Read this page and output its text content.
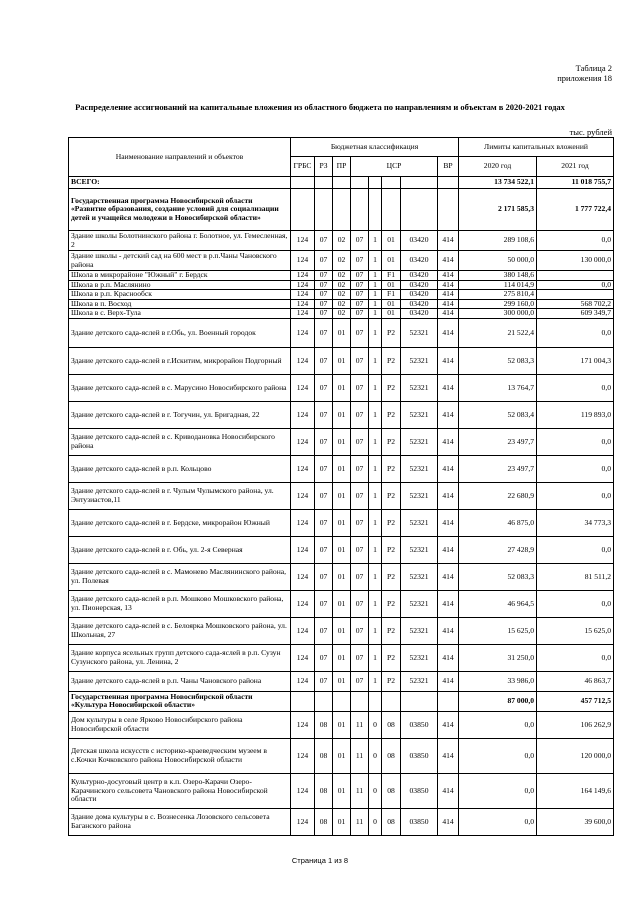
Таблица 2
приложения 18
Распределение ассигнований на капитальные вложения из областного бюджета по направлениям и объектам в 2020-2021 годах
тыс. рублей
Наименование направлений и объектов	Бюджетная классификация								Лимиты капитальных вложений	
	ГРБС	РЗ	ПР	ЦСР				ВР	2020 год	2021 год
ВСЕГО:									13 734 522,1	11 018 755,7
Государственная программа Новосибирской области «Развитие образования, создание условий для социализации детей и учащейся молодежи в Новосибирской области»									2 171 585,3	1 777 722,4
Здание школы Болотнинского района г. Болотное, ул. Гемесленная, 2	124	07	02	07	1	01	03420	414	289 108,6	0,0
Здание школы - детский сад на 600 мест в р.п.Чаны Чановского района	124	07	02	07	1	01	03420	414	50 000,0	130 000,0
Школа в микрорайоне "Южный" г. Бердск	124	07	02	07	1	F1	03420	414	380 148,6	
Школа в р.п. Маслянино	124	07	02	07	1	01	03420	414	114 014,9	0,0
Школа в р.п. Краснообск	124	07	02	07	1	F1	03420	414	275 810,4	
Школа в п. Восход	124	07	02	07	1	01	03420	414	299 160,0	568 702,2
Школа в с. Верх-Тула	124	07	02	07	1	01	03420	414	300 000,0	609 349,7
Здание детского сада-яслей в г.Обь, ул. Военный городок	124	07	01	07	1	P2	52321	414	21 522,4	0,0
Здание детского сада-яслей в г.Искитим, микрорайон Подгорный	124	07	01	07	1	P2	52321	414	52 083,3	171 004,3
Здание детского сада-яслей в с. Марусино Новосибирского района	124	07	01	07	1	P2	52321	414	13 764,7	0,0
Здание детского сада-яслей в г. Тогучин, ул. Бригадная, 22	124	07	01	07	1	P2	52321	414	52 083,4	119 893,0
Здание детского сада-яслей в с. Криводановка Новосибирского района	124	07	01	07	1	P2	52321	414	23 497,7	0,0
Здание детского сада-яслей в р.п. Кольцово	124	07	01	07	1	P2	52321	414	23 497,7	0,0
Здание детского сада-яслей в г. Чулым Чулымского района, ул. Энтузиастов,11	124	07	01	07	1	P2	52321	414	22 680,9	0,0
Здание детского сада-яслей в г. Бердске, микрорайон Южный	124	07	01	07	1	P2	52321	414	46 875,0	34 773,3
Здание детского сада-яслей в г. Обь, ул. 2-я Северная	124	07	01	07	1	P2	52321	414	27 428,9	0,0
Здание детского сада-яслей в с. Мамонево Маслянинского района, ул. Полевая	124	07	01	07	1	P2	52321	414	52 083,3	81 511,2
Здание детского сада-яслей в р.п. Мошково Мошковского района, ул. Пионерская, 13	124	07	01	07	1	P2	52321	414	46 964,5	0,0
Здание детского сада-яслей в с. Белоярка Мошковского района, ул. Школьная, 27	124	07	01	07	1	P2	52321	414	15 625,0	15 625,0
Здание корпуса ясельных групп детского сада-яслей в р.п. Сузун Сузунского района, ул. Ленина, 2	124	07	01	07	1	P2	52321	414	31 250,0	0,0
Здание детского сада-яслей в р.п. Чаны Чановского района	124	07	01	07	1	P2	52321	414	33 986,0	46 863,7
Государственная программа Новосибирской области «Культура Новосибирской области»									87 000,0	457 712,5
Дом культуры в селе Ярково Новосибирского района Новосибирской области	124	08	01	11	0	08	03850	414	0,0	106 262,9
Детская школа искусств с историко-краеведческим музеем в с.Кочки Кочковского района Новосибирской области	124	08	01	11	0	08	03850	414	0,0	120 000,0
Культурно-досуговый центр в к.п. Озеро-Карачи Озеро-Карачинского сельсовета Чановского района Новосибирской области	124	08	01	11	0	08	03850	414	0,0	164 149,6
Здание дома культуры в с. Вознесенка Лозовского сельсовета Баганского района	124	08	01	11	0	08	03850	414	0,0	39 600,0
Страница 1 из 8
